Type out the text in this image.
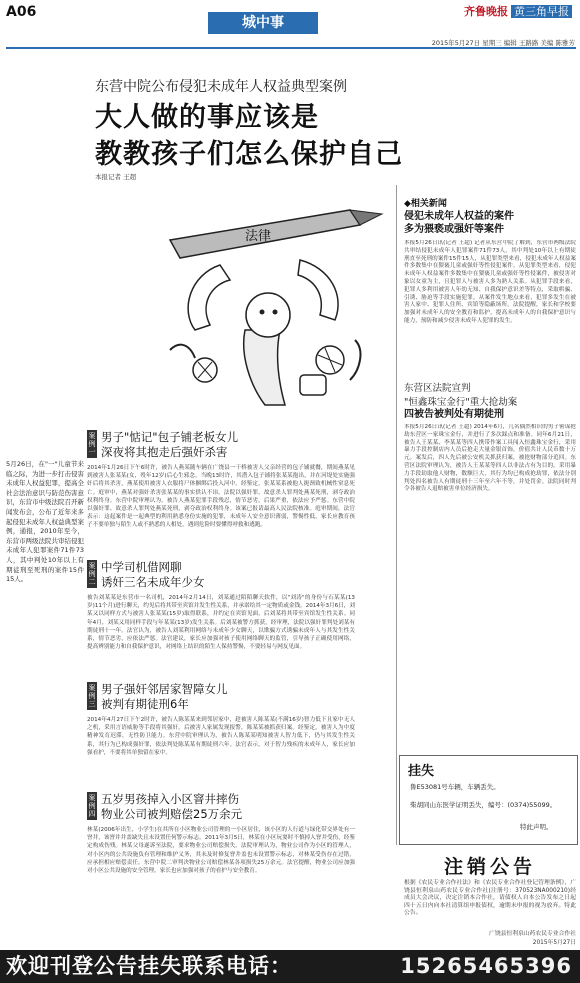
A06
城中事
齐鲁晚报 黄三角早报
2015年5月27日 星期三 编辑 王路路 美编 陈雅芳
东营中院公布侵犯未成年人权益典型案例
大人做的事应该是
教教孩子们怎么保护自己
本报记者 王超
法律
5月26日，在"一"儿童节来临之际，为进一步打击侵害未成年人权益犯罪，提高全社会法治意识与防范伤害意识，东营市中级法院召开新闻发布会，公布了近年来多起侵犯未成年人权益典型案例，通报，2010年至今，东营市两级法院共审结侵犯未成年人犯罪案件71件73人，其中判处10年以上有期徒刑至死刑的案件15件15人。
案例一
男子"惦记"包子铺老板女儿
深夜将其抱走后强奸杀害
2014年1月26日下午6时许，被告人燕某随车辆在广饶县一干桥被害人父亲经营的包子铺就餐，期间燕某见到被害人张某某(女，殁年12岁)后心生邪念。当晚13时许，其潜入包子铺将张某某抱出，并在河堤处实施强奸后将其杀害，燕某使用被害人衣服将尸体捆绑后投入河中。经鉴定，张某某系被他人扼颈致机械性窒息死亡。庭审中，燕某对强奸杀害张某某的事实供认不讳。法院以强奸罪、故意杀人罪判处燕某死刑，剥夺政治权利终身。东营中院审理认为，被告人燕某犯罪手段残忍，情节恶劣，后果严重，依法应予严惩。东营中院以强奸罪、故意杀人罪判处燕某死刑，剥夺政治权利终身。该案已报请最高人民法院核准。庭审期间，法官表示：这起案件是一起典型的利用熟悉身份实施的犯罪，未成年人安全意识薄弱，警惕性低，家长应教育孩子不要单独与陌生人或不熟悉的人相处，遇到危险时要懂得呼救和逃跑。
案例二
中学司机借网聊
诱奸三名未成年少女
被告刘某某是东营市一名司机，2014年2月14日，刘某通过陌陌聊天软件，以"刘涛"的身份与石某某(13岁)11个月)进行聊天，约见后将其带至宾馆并发生性关系，并承诺给其一定物质或金钱。2014年3月6日，刘某又以同样方式与被害人张某某(15岁)取得联系，并约定在宾馆见面，后刘某将其带至宾馆发生性关系。同年4月，刘某又用同样手段与年某某(13岁)发生关系。后刘某被警方抓获，经审理，法院以强奸罪判处刘某有期徒刑十一年。法官认为，被告人刘某利用网络与未成年少女聊天，以欺骗方式诱骗未成年人与其发生性关系，情节恶劣，应依法严惩。法官建议，家长应加强对孩子使用网络聊天的监管，引导孩子正确使用网络，提高辨别能力和自我保护意识，对网络上结识的陌生人保持警惕，不要轻易与网友见面。
案例三
男子强奸邻居家智障女儿
被判有期徒刑6年
2014年4月27日下午2时许，被告人陈某某来到邻居家中，趁被害人陈某某(不满16岁)智力低下且家中无人之机，采用言语威胁等手段将其强奸。后被害人家属发现报警，陈某某被抓获归案。经鉴定，被害人为中度精神发育迟滞，无性防卫能力。东营中院审理认为，被告人陈某某明知被害人智力低下，仍与其发生性关系，其行为已构成强奸罪，依法判处陈某某有期徒刑六年。法官表示，对于智力残疾的未成年人，家长应加强看护，不要将其单独留在家中。
案例四
五岁男孩掉入小区窨井摔伤
物业公司被判赔偿25万余元
林某(2006年出生，小学生)在其所在小区物业公司管理的一小区居住，该小区的人行道与绿化带交界处有一窨井，该窨井井盖缺失且未设置任何警示标志。2011年3月5日，林某在小区玩耍时不慎掉入窨井受伤，经鉴定构成伤残。林某父母遂诉至法院，要求物业公司赔偿损失。法院审理认为，物业公司作为小区的管理人，对小区内的公共设施负有管理和维护义务，其未及时修复窨井盖也未设置警示标志，对林某受伤存在过错，应承担相应赔偿责任。东营中院二审判决物业公司赔偿林某各项损失25万余元。法官提醒，物业公司应加强对小区公共设施的安全管理，家长也应加强对孩子的看护与安全教育。
◆相关新闻
侵犯未成年人权益的案件
多为猥亵或强奸等案件
本报5月26日讯(记者 王超) 记者从东营中院了解到，东营市两级法院共审结侵犯未成年人犯罪案件71件73人，其中判处10年以上有期徒刑直至死刑的案件15件15人，从犯罪类型来看，侵犯未成年人权益案件多数集中在猥亵儿童或强奸等性侵犯案件。从犯罪类型来看，侵犯未成年人权益案件多数集中在猥亵儿童或强奸等性侵案件，被侵害对象以女童为主，且犯罪人与被害人多为熟人关系。从犯罪手段来看，犯罪人多利用被害人年幼无知、自我保护意识差等特点，采取哄骗、引诱、胁迫等手段实施犯罪。从案件发生地点来看，犯罪多发生在被害人家中、犯罪人住所、宾馆等隐蔽场所。法院提醒，家长和学校要加强对未成年人的安全教育和监护，提高未成年人的自我保护意识与能力，预防和减少侵害未成年人犯罪的发生。
东营区法院宣判
"恒鑫珠宝金行"重大抢劫案
四被告被判处有期徒刑
本报5月26日讯(记者 王超) 2014年6月，几名偶然相识的男子密谋抢劫东营区一家珠宝金行，并进行了多次踩点和准备。同年6月21日，被告人王某某、李某某等四人携带作案工具闯入恒鑫珠宝金行，采用暴力手段控制店内人员后抢走大量金银首饰，价值共计人民币数十万元。案发后，四人先后被公安机关抓获归案，被抢财物部分追回。东营区法院审理认为，被告人王某某等四人以非法占有为目的，采用暴力手段劫取他人财物，数额巨大，其行为均已构成抢劫罪，依法分别判处四名被告人有期徒刑十三年至六年不等，并处罚金。法院同时判令各被告人退赔被害单位经济损失。
挂失
鲁E53081号车辆，车辆丢失。
柴胡同山东医学证明丢失，编号：(0374)55099。
特此声明。
注销公告
根据《农民专业合作社法》和《农民专业合作社登记管理条例》，广饶县恒利泉山药农民专业合作社(注册号：370523NA000210)经成员大会决议，决定注销本合作社，请债权人自本公告发布之日起四十五日内向本社清算组申报债权，逾期未申报的视为放弃。特此公告。
广饶县恒利泉山药农民专业合作社
2015年5月27日
欢迎刊登公告挂失联系电话：	15265465396
